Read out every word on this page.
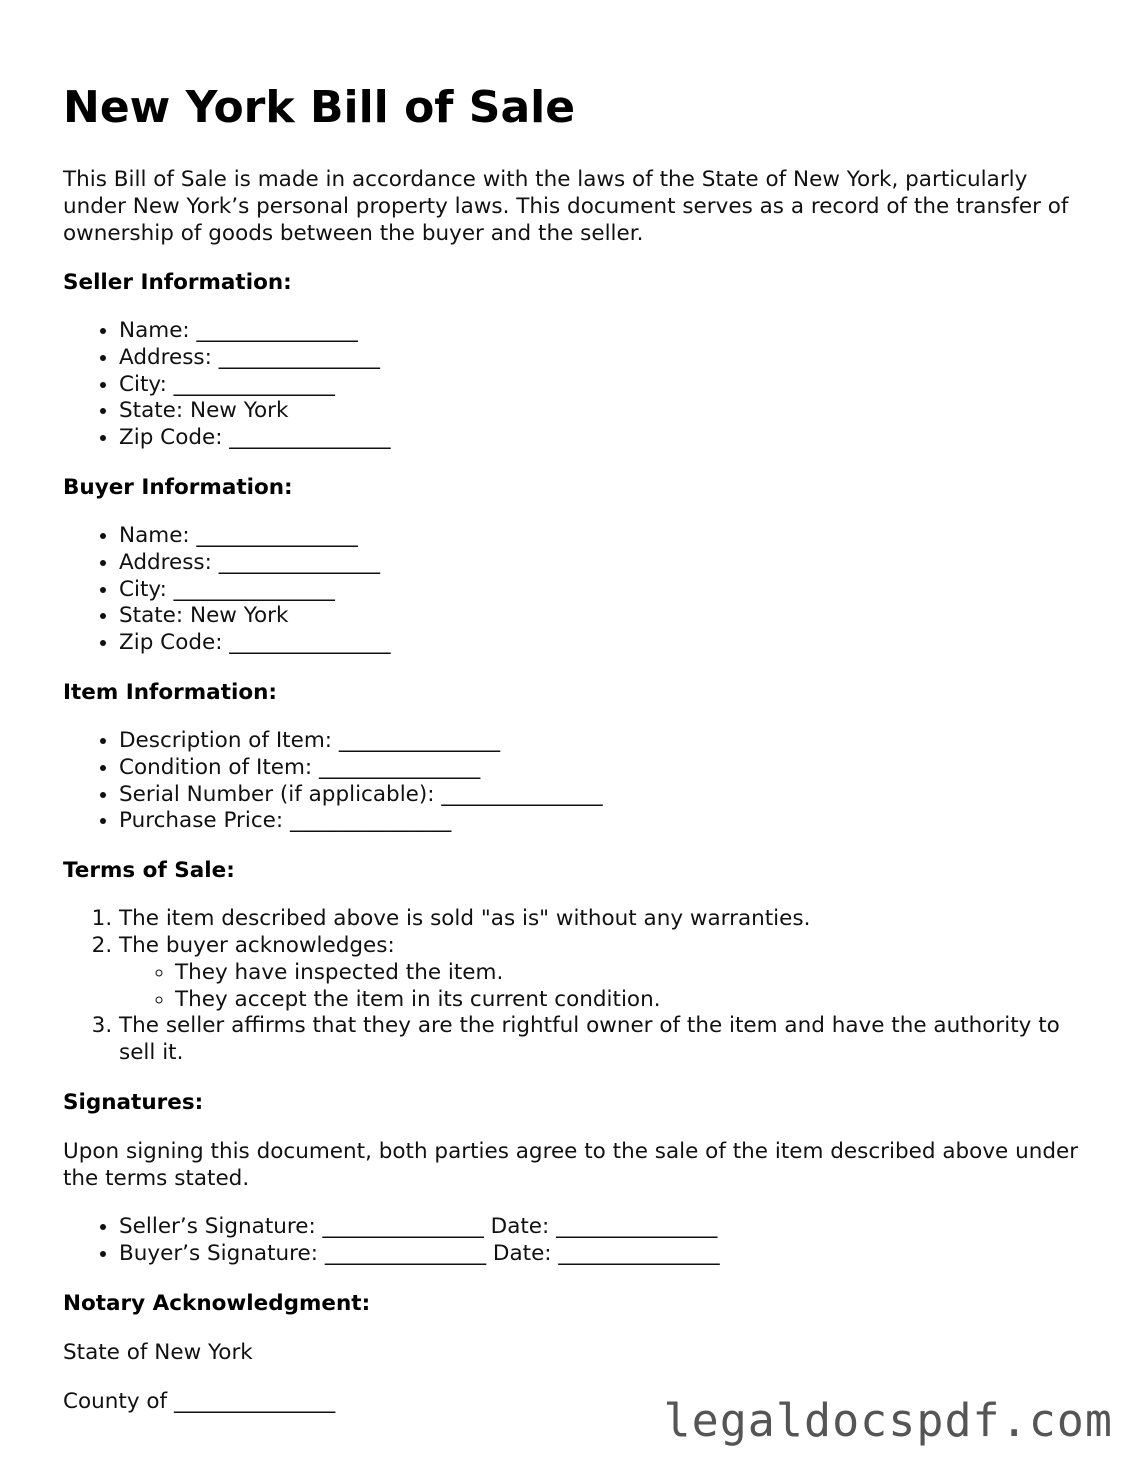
New York Bill of Sale

This Bill of Sale is made in accordance with the laws of the State of New York, particularly under New York’s personal property laws. This document serves as a record of the transfer of ownership of goods between the buyer and the seller.

Seller Information:
• Name: _______________
• Address: _______________
• City: _______________
• State: New York
• Zip Code: _______________
Buyer Information:
• Name: _______________
• Address: _______________
• City: _______________
• State: New York
• Zip Code: _______________
Item Information:
• Description of Item: _______________
• Condition of Item: _______________
• Serial Number (if applicable): _______________
• Purchase Price: _______________
Terms of Sale:
1. The item described above is sold "as is" without any warranties.
2. The buyer acknowledges:
◦ They have inspected the item.
◦ They accept the item in its current condition.
3. The seller affirms that they are the rightful owner of the item and have the authority to sell it.
Signatures:

Upon signing this document, both parties agree to the sale of the item described above under the terms stated.

• Seller’s Signature: _______________ Date: _______________
• Buyer’s Signature: _______________ Date: _______________
Notary Acknowledgment:

State of New York

County of _______________	legaldocspdf.com
